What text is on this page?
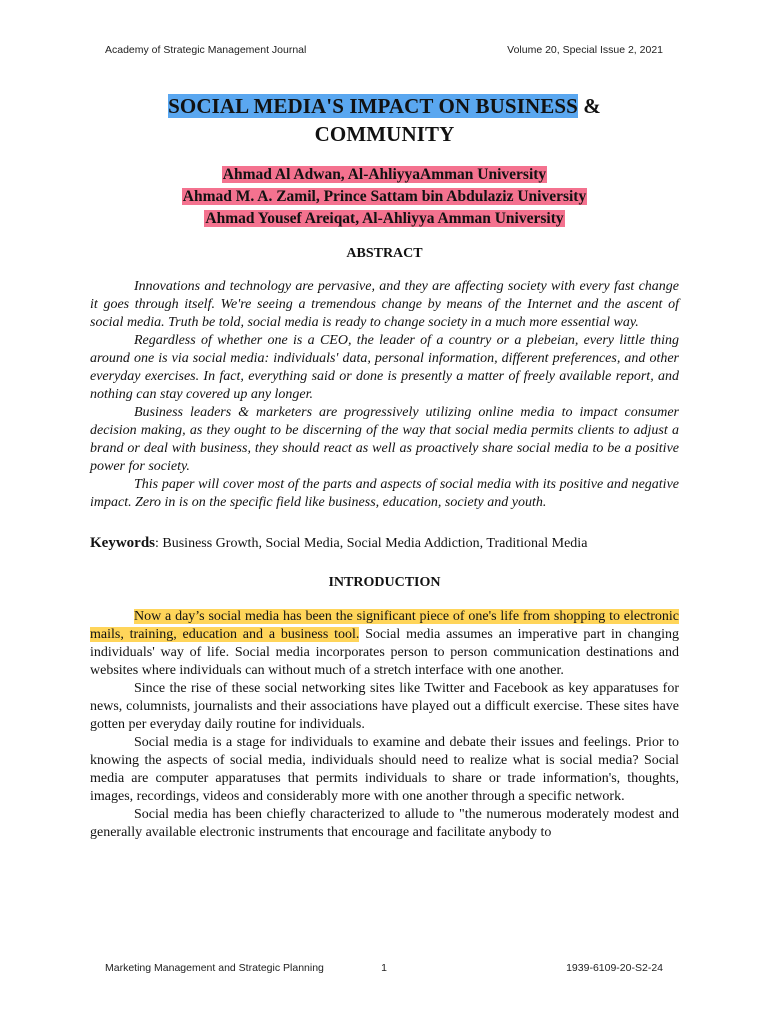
Academy of Strategic Management Journal	Volume 20, Special Issue 2, 2021
SOCIAL MEDIA'S IMPACT ON BUSINESS &
COMMUNITY
Ahmad Al Adwan, Al-AhliyyaAmman University
Ahmad M. A. Zamil, Prince Sattam bin Abdulaziz University
Ahmad Yousef Areiqat, Al-Ahliyya Amman University
ABSTRACT

Innovations and technology are pervasive, and they are affecting society with every fast change it goes through itself. We're seeing a tremendous change by means of the Internet and the ascent of social media. Truth be told, social media is ready to change society in a much more essential way.

Regardless of whether one is a CEO, the leader of a country or a plebeian, every little thing around one is via social media: individuals' data, personal information, different preferences, and other everyday exercises. In fact, everything said or done is presently a matter of freely available report, and nothing can stay covered up any longer.

Business leaders & marketers are progressively utilizing online media to impact consumer decision making, as they ought to be discerning of the way that social media permits clients to adjust a brand or deal with business, they should react as well as proactively share social media to be a positive power for society.

This paper will cover most of the parts and aspects of social media with its positive and negative impact. Zero in is on the specific field like business, education, society and youth.

Keywords: Business Growth, Social Media, Social Media Addiction, Traditional Media
INTRODUCTION

Now a day’s social media has been the significant piece of one's life from shopping to electronic mails, training, education and a business tool. Social media assumes an imperative part in changing individuals' way of life. Social media incorporates person to person communication destinations and websites where individuals can without much of a stretch interface with one another.

Since the rise of these social networking sites like Twitter and Facebook as key apparatuses for news, columnists, journalists and their associations have played out a difficult exercise. These sites have gotten per everyday daily routine for individuals.

Social media is a stage for individuals to examine and debate their issues and feelings. Prior to knowing the aspects of social media, individuals should need to realize what is social media? Social media are computer apparatuses that permits individuals to share or trade information's, thoughts, images, recordings, videos and considerably more with one another through a specific network.

Social media has been chiefly characterized to allude to "the numerous moderately modest and generally available electronic instruments that encourage and facilitate anybody to

Marketing Management and Strategic Planning	1	1939-6109-20-S2-24
